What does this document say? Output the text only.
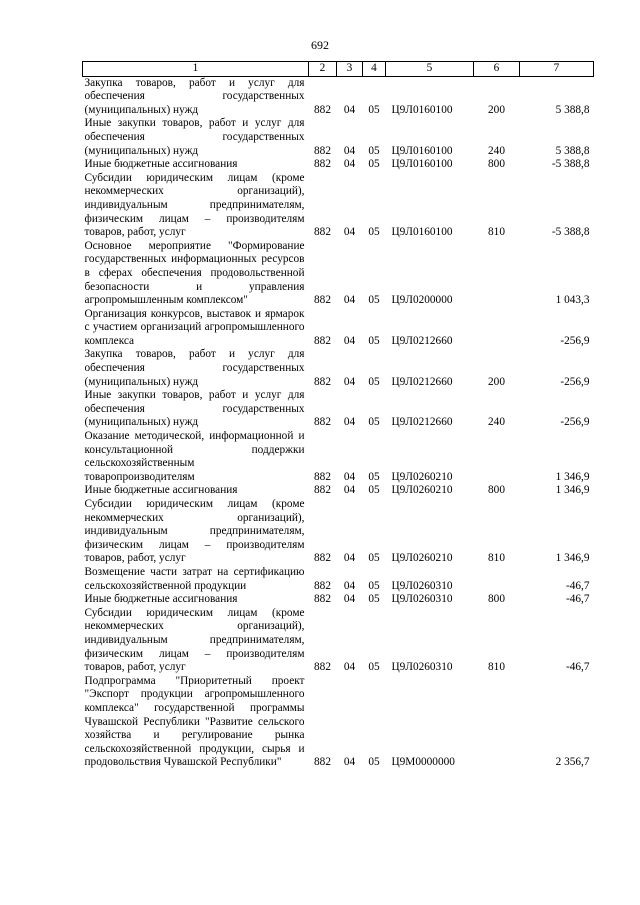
692
1	2	3	4	5	6	7
Закупка товаров, работ и услуг для обеспечения государственных (муниципальных) нужд	882	04	05	Ц9Л0160100	200	5 388,8
Иные закупки товаров, работ и услуг для обеспечения государственных (муниципальных) нужд	882	04	05	Ц9Л0160100	240	5 388,8
Иные бюджетные ассигнования	882	04	05	Ц9Л0160100	800	-5 388,8
Субсидии юридическим лицам (кроме некоммерческих организаций), индивидуальным предпринимателям, физическим лицам – производителям товаров, работ, услуг	882	04	05	Ц9Л0160100	810	-5 388,8
Основное мероприятие "Формирование государственных информационных ресурсов в сферах обеспечения продовольственной безопасности и управления агропромышленным комплексом"	882	04	05	Ц9Л0200000		1 043,3
Организация конкурсов, выставок и ярмарок с участием организаций агропромышленного комплекса	882	04	05	Ц9Л0212660		-256,9
Закупка товаров, работ и услуг для обеспечения государственных (муниципальных) нужд	882	04	05	Ц9Л0212660	200	-256,9
Иные закупки товаров, работ и услуг для обеспечения государственных (муниципальных) нужд	882	04	05	Ц9Л0212660	240	-256,9
Оказание методической, информационной и консультационной поддержки сельскохозяйственным товаропроизводителям	882	04	05	Ц9Л0260210		1 346,9
Иные бюджетные ассигнования	882	04	05	Ц9Л0260210	800	1 346,9
Субсидии юридическим лицам (кроме некоммерческих организаций), индивидуальным предпринимателям, физическим лицам – производителям товаров, работ, услуг	882	04	05	Ц9Л0260210	810	1 346,9
Возмещение части затрат на сертификацию сельскохозяйственной продукции	882	04	05	Ц9Л0260310		-46,7
Иные бюджетные ассигнования	882	04	05	Ц9Л0260310	800	-46,7
Субсидии юридическим лицам (кроме некоммерческих организаций), индивидуальным предпринимателям, физическим лицам – производителям товаров, работ, услуг	882	04	05	Ц9Л0260310	810	-46,7
Подпрограмма "Приоритетный проект "Экспорт продукции агропромышленного комплекса" государственной программы Чувашской Республики "Развитие сельского хозяйства и регулирование рынка сельскохозяйственной продукции, сырья и продовольствия Чувашской Республики"	882	04	05	Ц9М0000000		2 356,7
